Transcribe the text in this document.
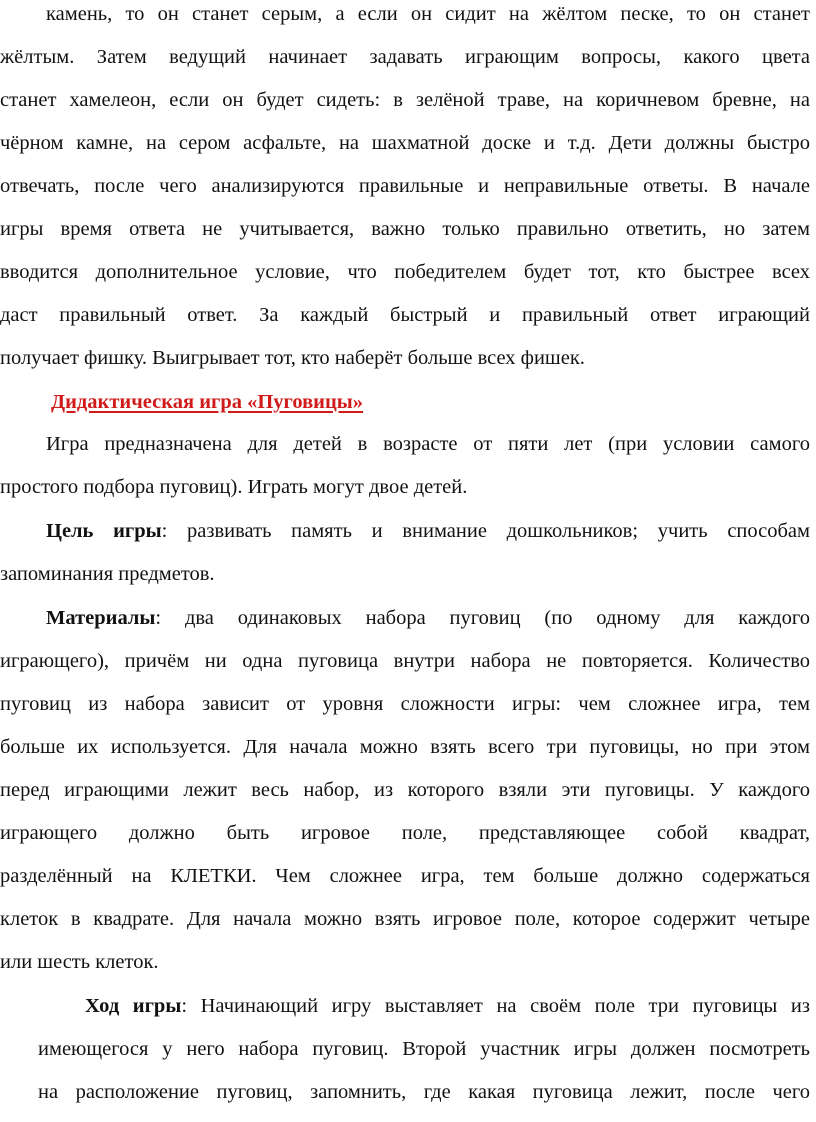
камень, то он станет серым, а если он сидит на жёлтом песке, то он станет
жёлтым. Затем ведущий начинает задавать играющим вопросы, какого цвета
станет хамелеон, если он будет сидеть: в зелёной траве, на коричневом бревне, на
чёрном камне, на сером асфальте, на шахматной доске и т.д. Дети должны быстро
отвечать, после чего анализируются правильные и неправильные ответы. В начале
игры время ответа не учитывается, важно только правильно ответить, но затем
вводится дополнительное условие, что победителем будет тот, кто быстрее всех
даст правильный ответ. За каждый быстрый и правильный ответ играющий
получает фишку. Выигрывает тот, кто наберёт больше всех фишек.
Дидактическая игра «Пуговицы»
Игра предназначена для детей в возрасте от пяти лет (при условии самого
простого подбора пуговиц). Играть могут двое детей.
Цель игры: развивать память и внимание дошкольников; учить способам
запоминания предметов.
Материалы: два одинаковых набора пуговиц (по одному для каждого
играющего), причём ни одна пуговица внутри набора не повторяется. Количество
пуговиц из набора зависит от уровня сложности игры: чем сложнее игра, тем
больше их используется. Для начала можно взять всего три пуговицы, но при этом
перед играющими лежит весь набор, из которого взяли эти пуговицы. У каждого
играющего должно быть игровое поле, представляющее собой квадрат,
разделённый на КЛЕТКИ. Чем сложнее игра, тем больше должно содержаться
клеток в квадрате. Для начала можно взять игровое поле, которое содержит четыре
или шесть клеток.
Ход игры: Начинающий игру выставляет на своём поле три пуговицы из
имеющегося у него набора пуговиц. Второй участник игры должен посмотреть
на расположение пуговиц, запомнить, где какая пуговица лежит, после чего
